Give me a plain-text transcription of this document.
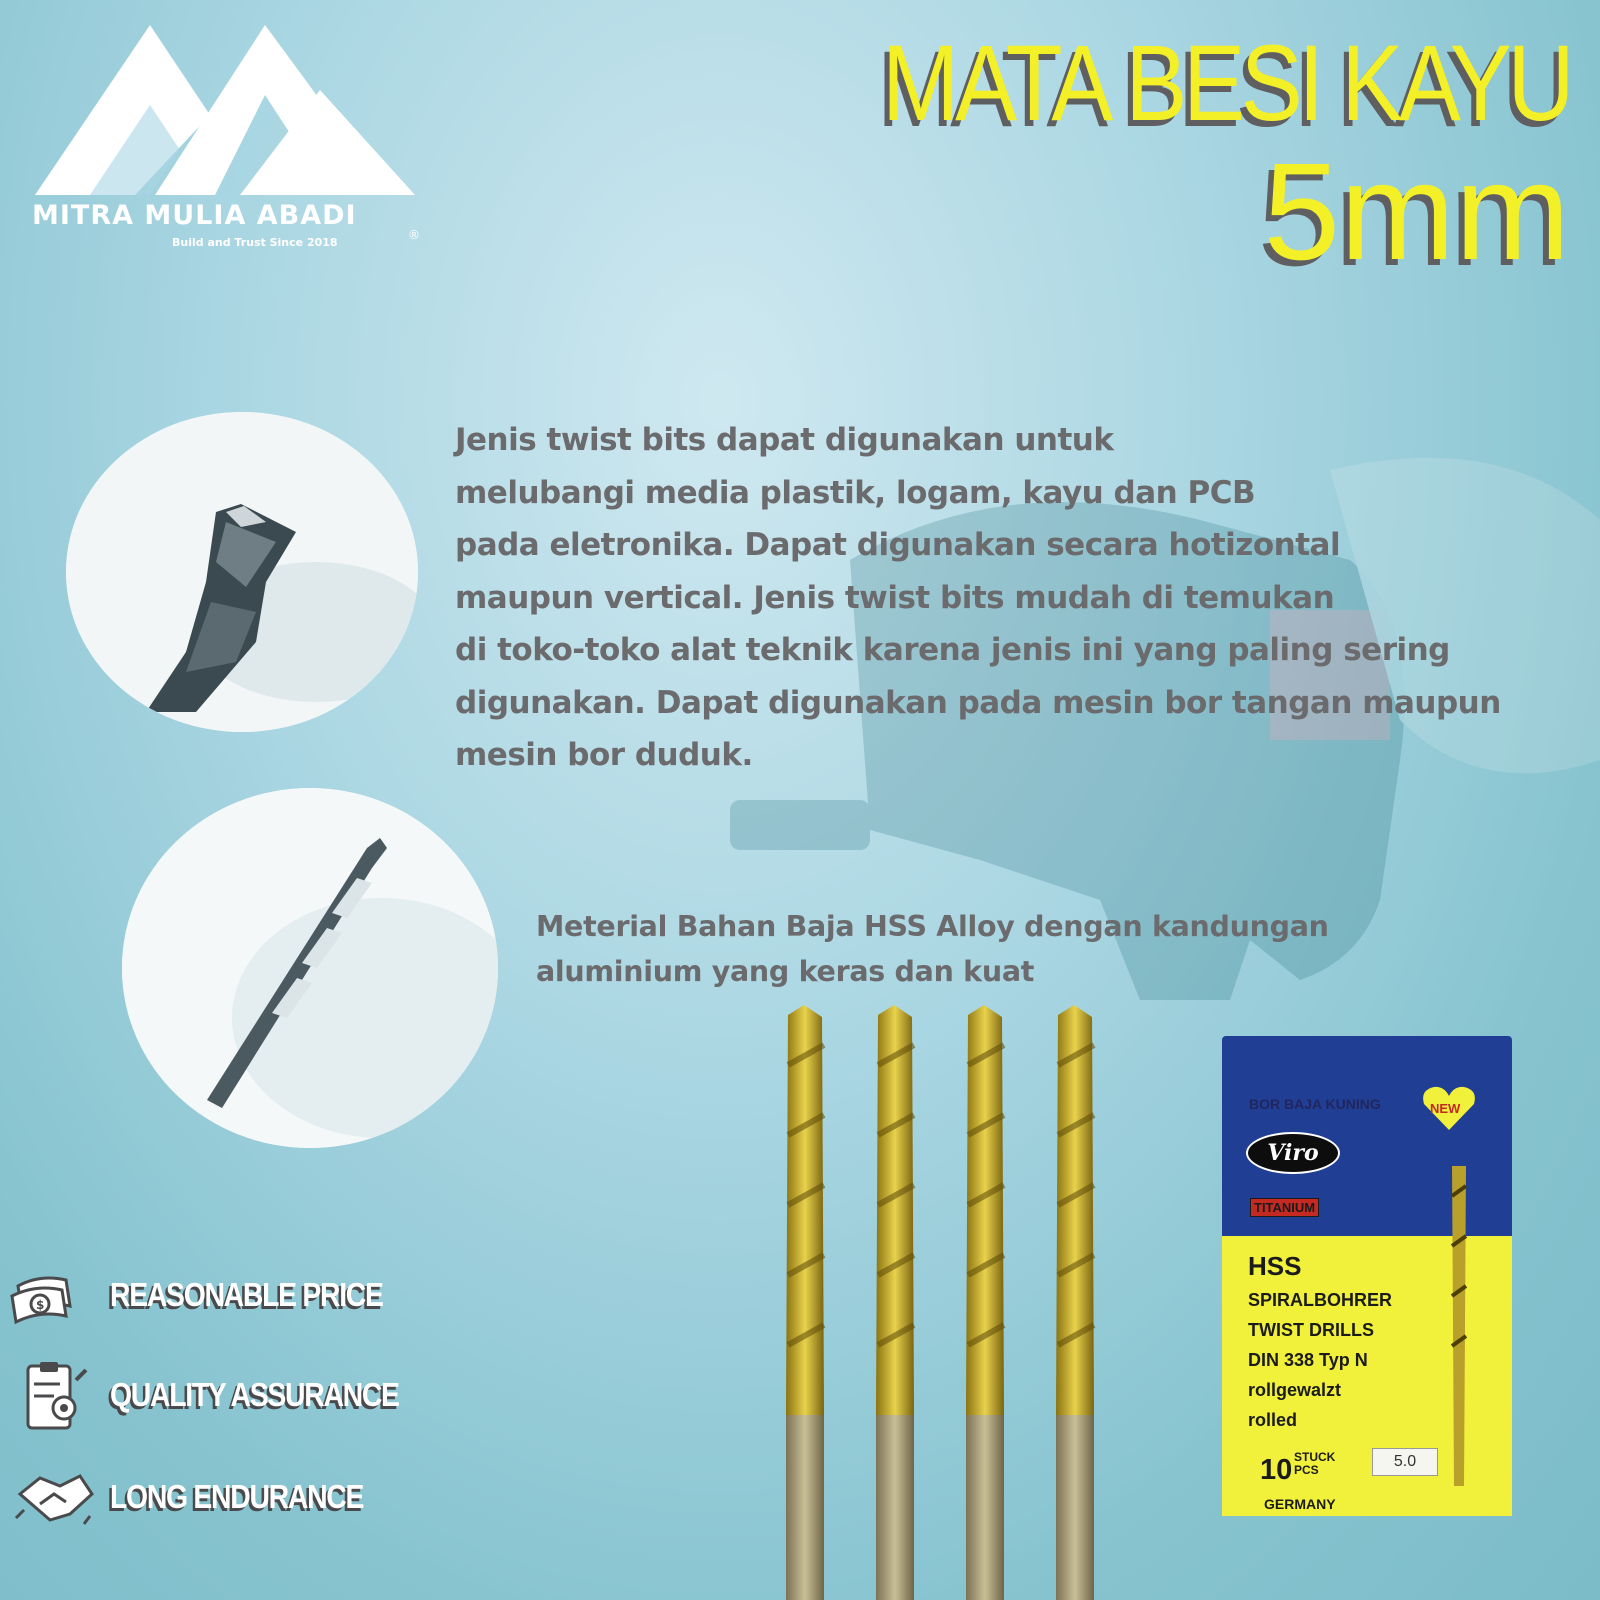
MITRA MULIA ABADI
Build and Trust Since 2018
®
MATA BESI KAYU
5mm
Jenis twist bits dapat digunakan untuk
melubangi media plastik, logam, kayu dan PCB
pada eletronika. Dapat digunakan secara hotizontal
maupun vertical. Jenis twist bits mudah di temukan
di toko-toko alat teknik karena jenis ini yang paling sering
digunakan. Dapat digunakan pada mesin bor tangan maupun
mesin bor duduk.
Meterial Bahan Baja HSS Alloy dengan kandungan
aluminium yang keras dan kuat
$ REASONABLE PRICE
QUALITY ASSURANCE
LONG ENDURANCE
BOR BAJA KUNING
Viro
NEW
TITANIUM
HSS
SPIRALBOHRER
TWIST DRILLS
DIN 338 Typ N
rollgewalzt
rolled
10 STUCK
PCS	5.0
GERMANY
